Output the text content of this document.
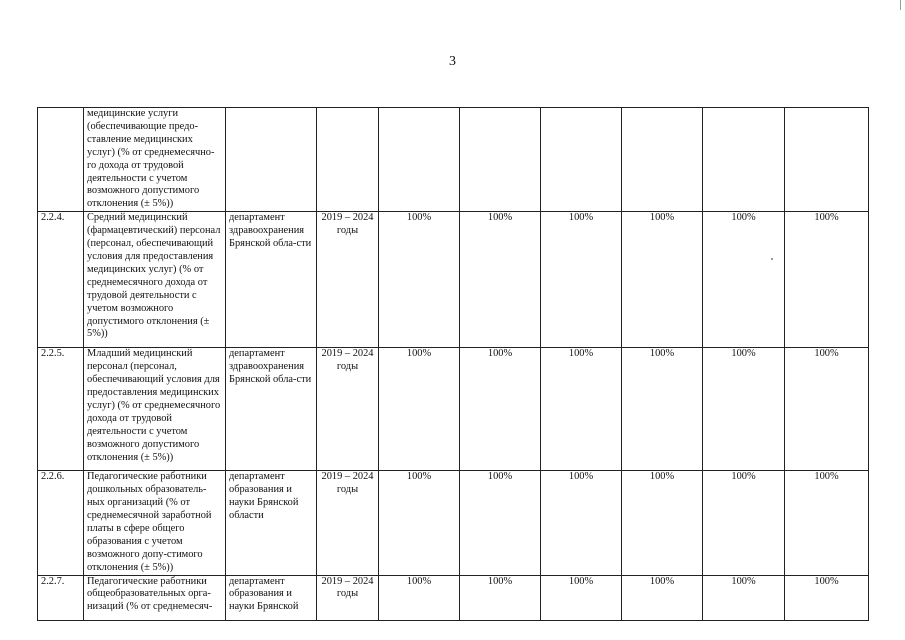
3
	медицинские услуги (обеспечивающие предо-ставление медицинских услуг) (% от среднемесячно-го дохода от трудовой деятельности с учетом возможного допустимого отклонения (± 5%))								
2.2.4.	Средний медицинский (фармацевтический) персонал (персонал, обеспечивающий условия для предоставления медицинских услуг) (% от среднемесячного дохода от трудовой деятельности с учетом возможного допустимого отклонения (± 5%))	департамент здравоохранения Брянской обла-сти	2019 – 2024 годы	100%	100%	100%	100%	100%	100%
2.2.5.	Младший медицинский персонал (персонал, обеспечивающий условия для предоставления медицинских услуг) (% от среднемесячного дохода от трудовой деятельности с учетом возможного допустимого отклонения (± 5%))	департамент здравоохранения Брянской обла-сти	2019 – 2024 годы	100%	100%	100%	100%	100%	100%
2.2.6.	Педагогические работники дошкольных образователь-ных организаций (% от среднемесячной заработной платы в сфере общего образования с учетом возможного допу-стимого отклонения (± 5%))	департамент образования и науки Брянской области	2019 – 2024 годы	100%	100%	100%	100%	100%	100%
2.2.7.	Педагогические работники общеобразовательных орга-низаций (% от среднемесяч-	департамент образования и науки Брянской	2019 – 2024 годы	100%	100%	100%	100%	100%	100%
